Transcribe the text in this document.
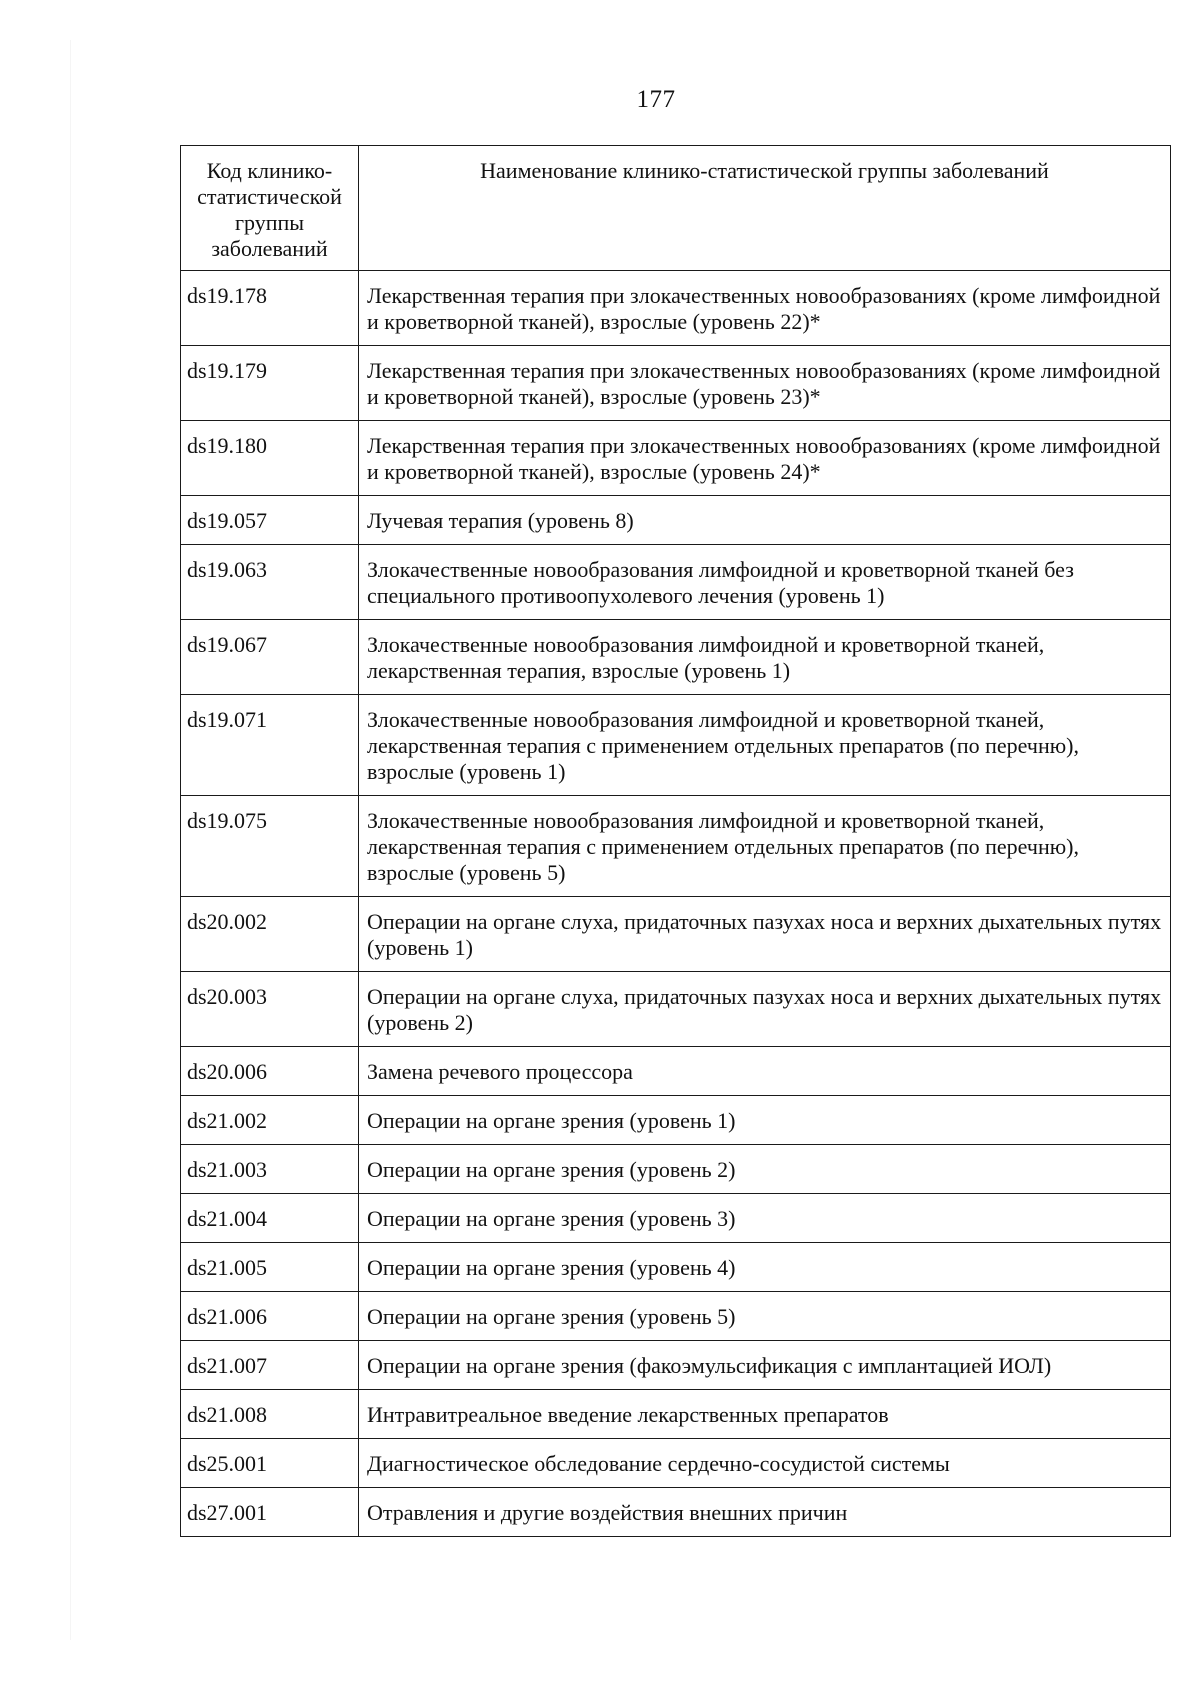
177
Код клинико-статистической группы заболеваний	Наименование клинико-статистической группы заболеваний
ds19.178	Лекарственная терапия при злокачественных новообразованиях (кроме лимфоидной и кроветворной тканей), взрослые (уровень 22)*
ds19.179	Лекарственная терапия при злокачественных новообразованиях (кроме лимфоидной и кроветворной тканей), взрослые (уровень 23)*
ds19.180	Лекарственная терапия при злокачественных новообразованиях (кроме лимфоидной и кроветворной тканей), взрослые (уровень 24)*
ds19.057	Лучевая терапия (уровень 8)
ds19.063	Злокачественные новообразования лимфоидной и кроветворной тканей без специального противоопухолевого лечения (уровень 1)
ds19.067	Злокачественные новообразования лимфоидной и кроветворной тканей, лекарственная терапия, взрослые (уровень 1)
ds19.071	Злокачественные новообразования лимфоидной и кроветворной тканей, лекарственная терапия с применением отдельных препаратов (по перечню), взрослые (уровень 1)
ds19.075	Злокачественные новообразования лимфоидной и кроветворной тканей, лекарственная терапия с применением отдельных препаратов (по перечню), взрослые (уровень 5)
ds20.002	Операции на органе слуха, придаточных пазухах носа и верхних дыхательных путях (уровень 1)
ds20.003	Операции на органе слуха, придаточных пазухах носа и верхних дыхательных путях (уровень 2)
ds20.006	Замена речевого процессора
ds21.002	Операции на органе зрения (уровень 1)
ds21.003	Операции на органе зрения (уровень 2)
ds21.004	Операции на органе зрения (уровень 3)
ds21.005	Операции на органе зрения (уровень 4)
ds21.006	Операции на органе зрения (уровень 5)
ds21.007	Операции на органе зрения (факоэмульсификация с имплантацией ИОЛ)
ds21.008	Интравитреальное введение лекарственных препаратов
ds25.001	Диагностическое обследование сердечно-сосудистой системы
ds27.001	Отравления и другие воздействия внешних причин
